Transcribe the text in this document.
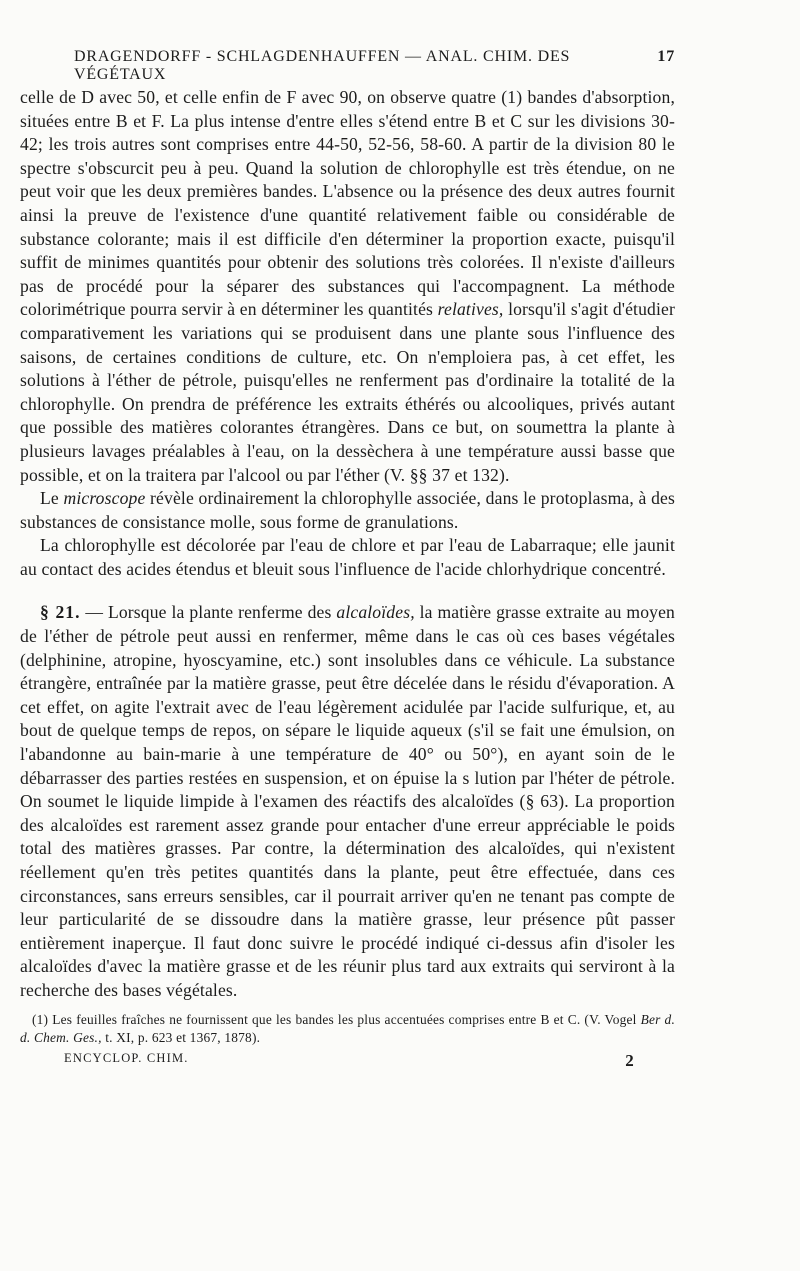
DRAGENDORFF - SCHLAGDENHAUFFEN — ANAL. CHIM. DES VÉGÉTAUX
17

celle de D avec 50, et celle enfin de F avec 90, on observe quatre (1) bandes d'absorption, situées entre B et F. La plus intense d'entre elles s'étend entre B et C sur les divisions 30-42; les trois autres sont comprises entre 44-50, 52-56, 58-60. A partir de la division 80 le spectre s'obscurcit peu à peu. Quand la solution de chlorophylle est très étendue, on ne peut voir que les deux premières bandes. L'absence ou la présence des deux autres fournit ainsi la preuve de l'existence d'une quantité relativement faible ou considérable de substance colorante; mais il est difficile d'en déterminer la proportion exacte, puisqu'il suffit de minimes quantités pour obtenir des solutions très colorées. Il n'existe d'ailleurs pas de procédé pour la séparer des substances qui l'accompagnent. La méthode colorimétrique pourra servir à en déterminer les quantités relatives, lorsqu'il s'agit d'étudier comparativement les variations qui se produisent dans une plante sous l'influence des saisons, de certaines conditions de culture, etc. On n'emploiera pas, à cet effet, les solutions à l'éther de pétrole, puisqu'elles ne renferment pas d'ordinaire la totalité de la chlorophylle. On prendra de préférence les extraits éthérés ou alcooliques, privés autant que possible des matières colorantes étrangères. Dans ce but, on soumettra la plante à plusieurs lavages préalables à l'eau, on la dessèchera à une température aussi basse que possible, et on la traitera par l'alcool ou par l'éther (V. §§ 37 et 132).

Le microscope révèle ordinairement la chlorophylle associée, dans le protoplasma, à des substances de consistance molle, sous forme de granulations.

La chlorophylle est décolorée par l'eau de chlore et par l'eau de Labarraque; elle jaunit au contact des acides étendus et bleuit sous l'influence de l'acide chlorhydrique concentré.

§ 21. — Lorsque la plante renferme des alcaloïdes, la matière grasse extraite au moyen de l'éther de pétrole peut aussi en renfermer, même dans le cas où ces bases végétales (delphinine, atropine, hyoscyamine, etc.) sont insolubles dans ce véhicule. La substance étrangère, entraînée par la matière grasse, peut être décelée dans le résidu d'évaporation. A cet effet, on agite l'extrait avec de l'eau légèrement acidulée par l'acide sulfurique, et, au bout de quelque temps de repos, on sépare le liquide aqueux (s'il se fait une émulsion, on l'abandonne au bain-marie à une température de 40° ou 50°), en ayant soin de le débarrasser des parties restées en suspension, et on épuise la s lution par l'héter de pétrole. On soumet le liquide limpide à l'examen des réactifs des alcaloïdes (§ 63). La proportion des alcaloïdes est rarement assez grande pour entacher d'une erreur appréciable le poids total des matières grasses. Par contre, la détermination des alcaloïdes, qui n'existent réellement qu'en très petites quantités dans la plante, peut être effectuée, dans ces circonstances, sans erreurs sensibles, car il pourrait arriver qu'en ne tenant pas compte de leur particularité de se dissoudre dans la matière grasse, leur présence pût passer entièrement inaperçue. Il faut donc suivre le procédé indiqué ci-dessus afin d'isoler les alcaloïdes d'avec la matière grasse et de les réunir plus tard aux extraits qui serviront à la recherche des bases végétales.

(1) Les feuilles fraîches ne fournissent que les bandes les plus accentuées comprises entre B et C. (V. Vogel Ber d. d. Chem. Ges., t. XI, p. 623 et 1367, 1878).

ENCYCLOP. CHIM.	2
